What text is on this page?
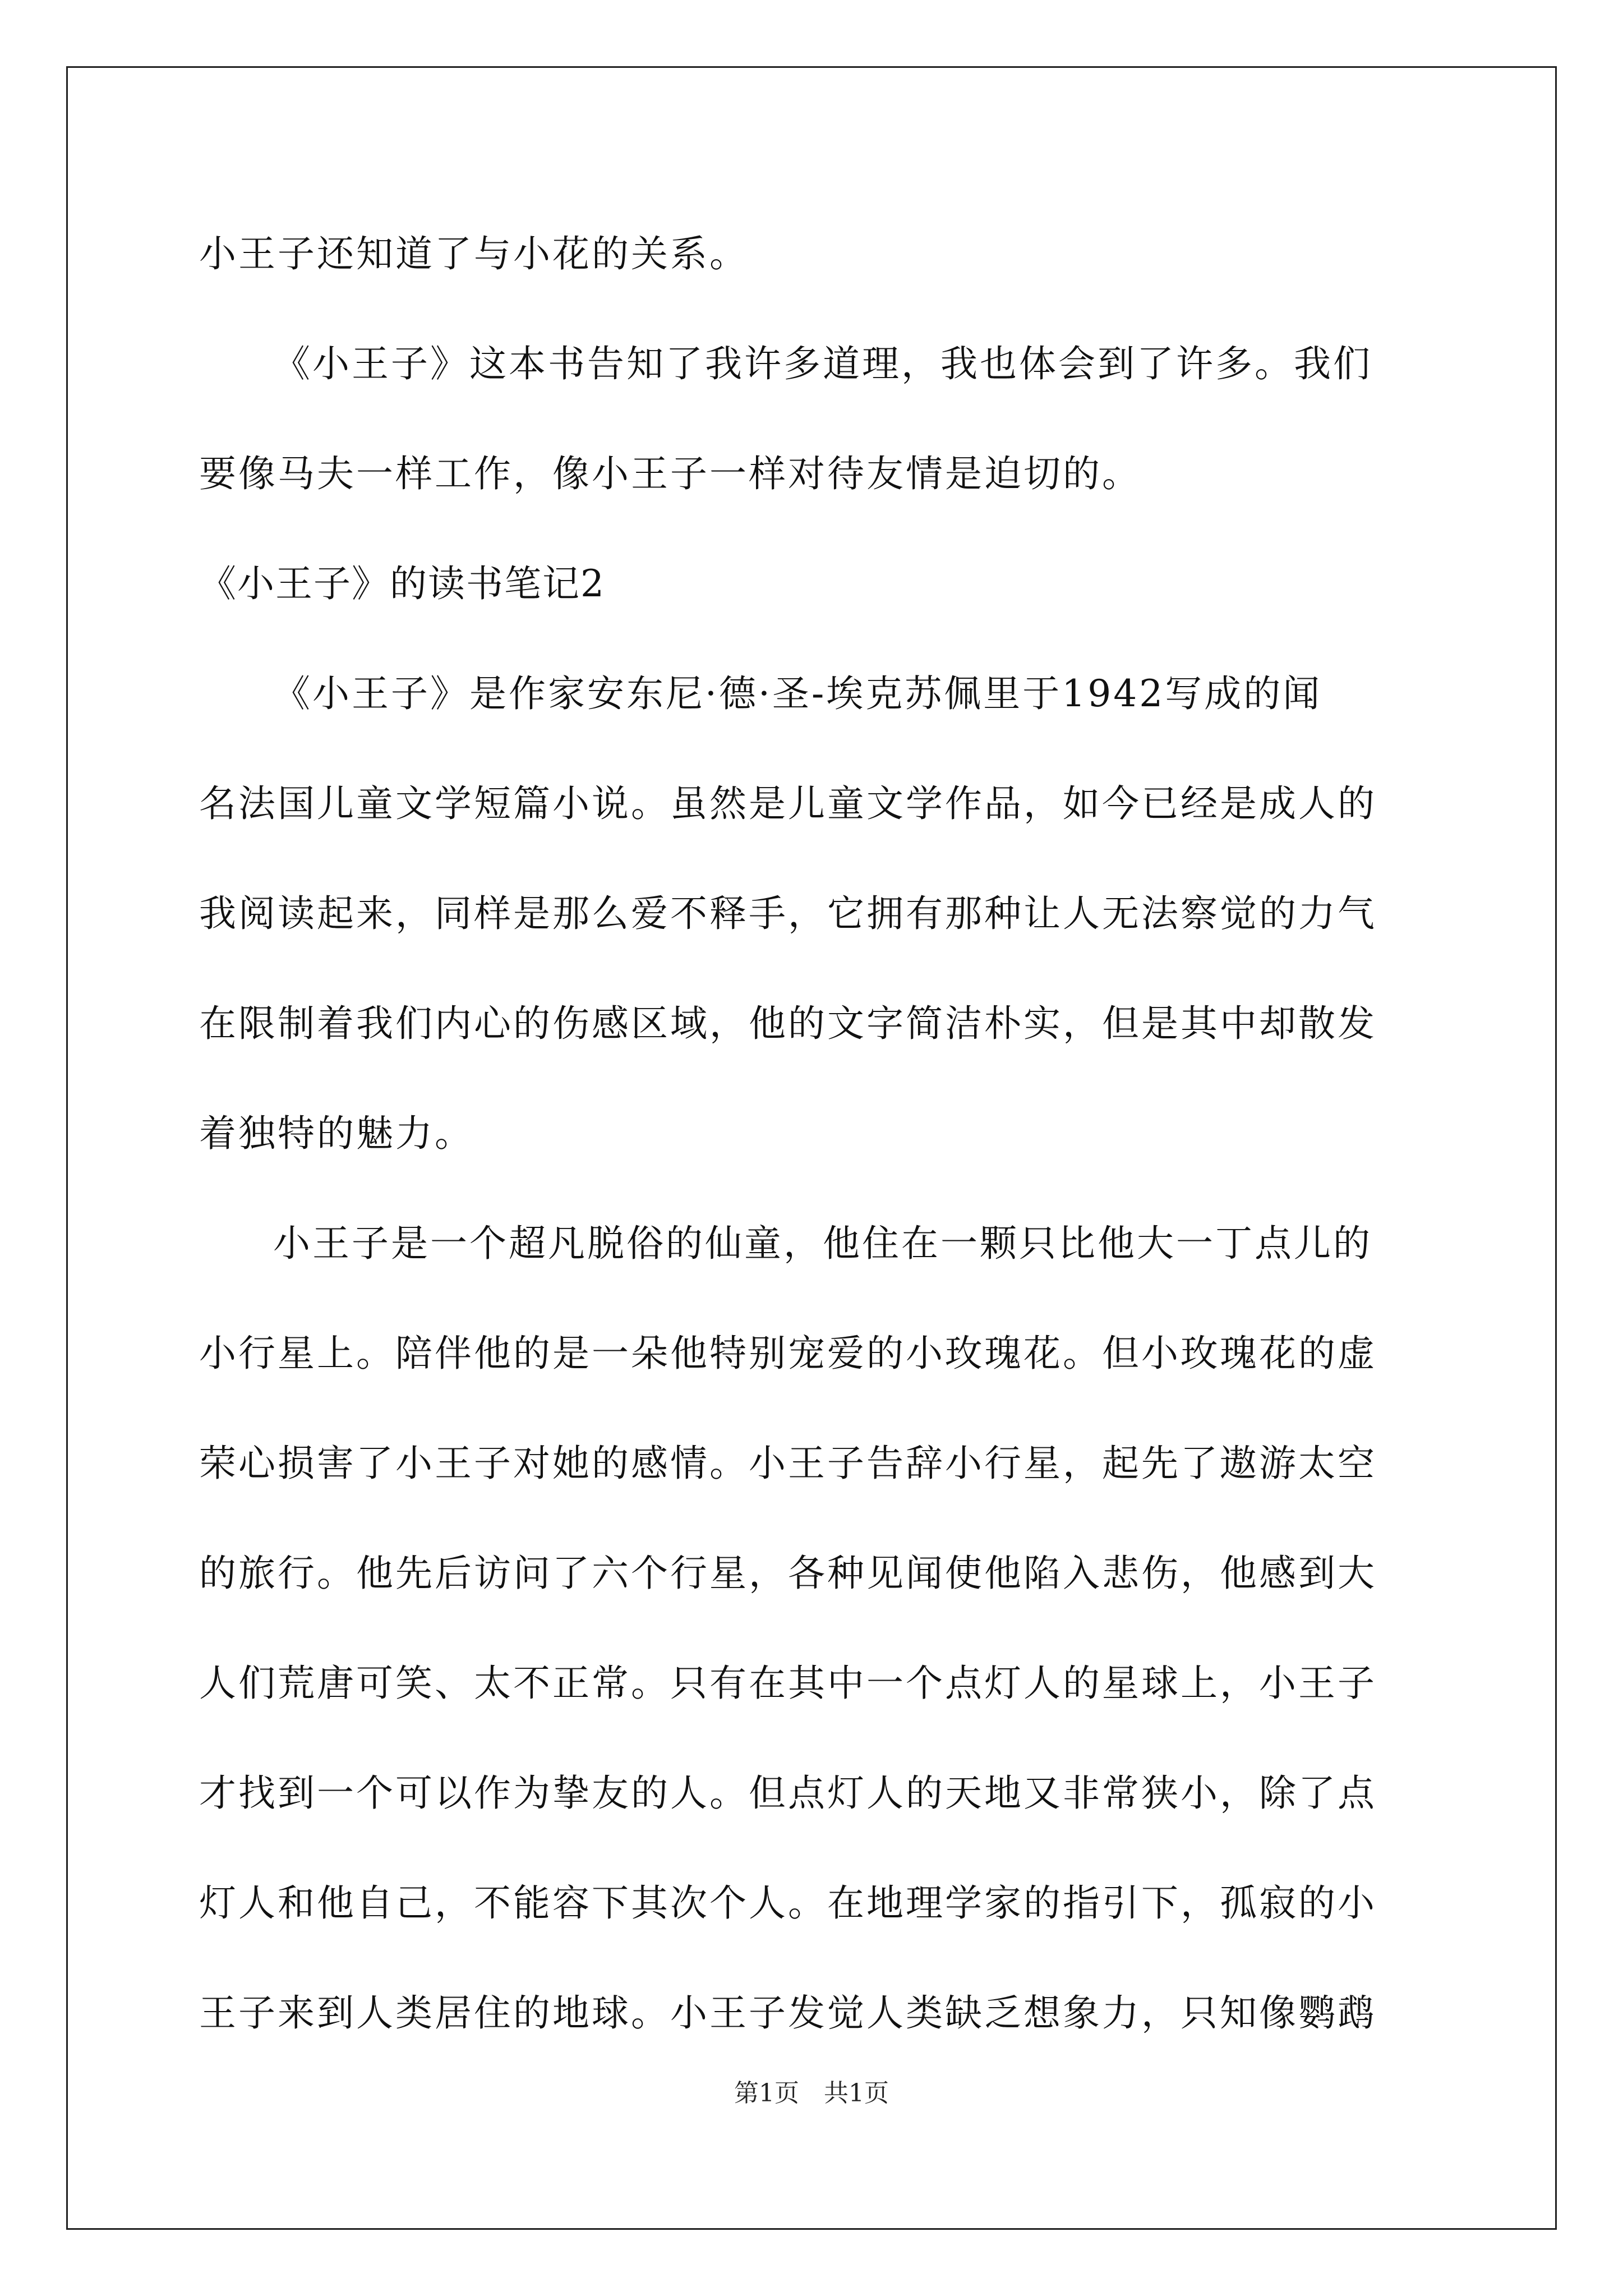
小王子还知道了与小花的关系。
《小王子》这本书告知了我许多道理，我也体会到了许多。我们
要像马夫一样工作，像小王子一样对待友情是迫切的。
《小王子》的读书笔记2
《小王子》是作家安东尼·德·圣-埃克苏佩里于1942写成的闻
名法国儿童文学短篇小说。虽然是儿童文学作品，如今已经是成人的
我阅读起来，同样是那么爱不释手，它拥有那种让人无法察觉的力气
在限制着我们内心的伤感区域，他的文字简洁朴实，但是其中却散发
着独特的魅力。
小王子是一个超凡脱俗的仙童，他住在一颗只比他大一丁点儿的
小行星上。陪伴他的是一朵他特别宠爱的小玫瑰花。但小玫瑰花的虚
荣心损害了小王子对她的感情。小王子告辞小行星，起先了遨游太空
的旅行。他先后访问了六个行星，各种见闻使他陷入悲伤，他感到大
人们荒唐可笑、太不正常。只有在其中一个点灯人的星球上，小王子
才找到一个可以作为挚友的人。但点灯人的天地又非常狭小，除了点
灯人和他自己，不能容下其次个人。在地理学家的指引下，孤寂的小
王子来到人类居住的地球。小王子发觉人类缺乏想象力，只知像鹦鹉
第1页　共1页
